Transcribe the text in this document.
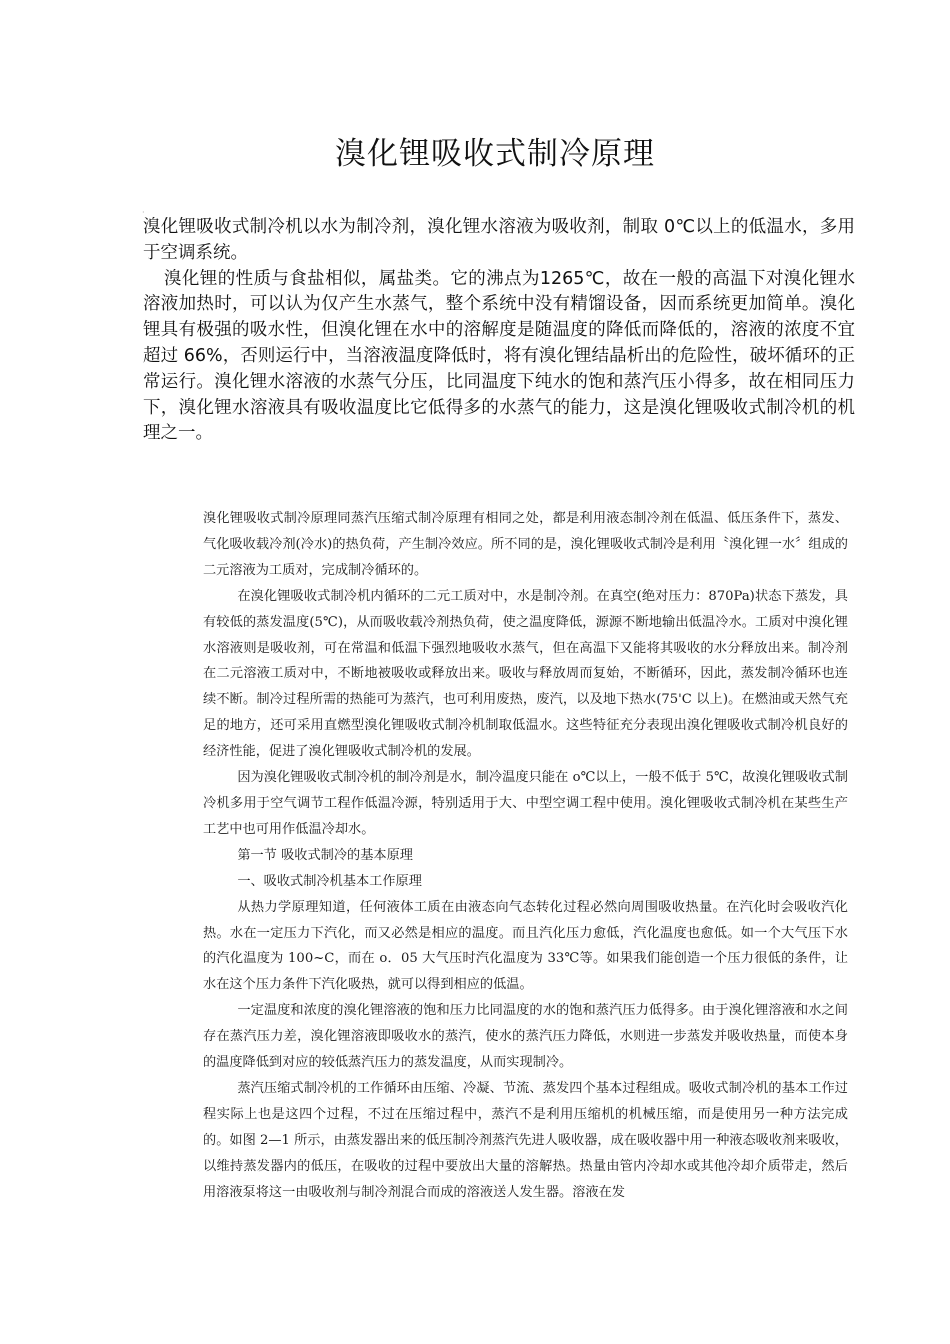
溴化锂吸收式制冷原理
·

溴化锂吸收式制冷机以水为制冷剂，溴化锂水溶液为吸收剂，制取 0℃以上的低温水，多用于空调系统。

溴化锂的性质与食盐相似，属盐类。它的沸点为1265℃，故在一般的高温下对溴化锂水溶液加热时，可以认为仅产生水蒸气，整个系统中没有精馏设备，因而系统更加简单。溴化锂具有极强的吸水性，但溴化锂在水中的溶解度是随温度的降低而降低的，溶液的浓度不宜超过 66%，否则运行中，当溶液温度降低时，将有溴化锂结晶析出的危险性，破坏循环的正常运行。溴化锂水溶液的水蒸气分压，比同温度下纯水的饱和蒸汽压小得多，故在相同压力下，溴化锂水溶液具有吸收温度比它低得多的水蒸气的能力，这是溴化锂吸收式制冷机的机理之一。

溴化锂吸收式制冷原理同蒸汽压缩式制冷原理有相同之处，都是利用液态制冷剂在低温、低压条件下，蒸发、气化吸收载冷剂(冷水)的热负荷，产生制冷效应。所不同的是，溴化锂吸收式制冷是利用〝溴化锂一水〞组成的二元溶液为工质对，完成制冷循环的。

在溴化锂吸收式制冷机内循环的二元工质对中，水是制冷剂。在真空(绝对压力：870Pa)状态下蒸发，具有较低的蒸发温度(5℃)，从而吸收载冷剂热负荷，使之温度降低，源源不断地输出低温冷水。工质对中溴化锂水溶液则是吸收剂，可在常温和低温下强烈地吸收水蒸气，但在高温下又能将其吸收的水分释放出来。制冷剂在二元溶液工质对中，不断地被吸收或释放出来。吸收与释放周而复始，不断循环，因此，蒸发制冷循环也连续不断。制冷过程所需的热能可为蒸汽，也可利用废热，废汽，以及地下热水(75'C 以上)。在燃油或天然气充足的地方，还可采用直燃型溴化锂吸收式制冷机制取低温水。这些特征充分表现出溴化锂吸收式制冷机良好的经济性能，促进了溴化锂吸收式制冷机的发展。

因为溴化锂吸收式制冷机的制冷剂是水，制冷温度只能在 o℃以上，一般不低于 5℃，故溴化锂吸收式制冷机多用于空气调节工程作低温冷源，特别适用于大、中型空调工程中使用。溴化锂吸收式制冷机在某些生产工艺中也可用作低温冷却水。

第一节 吸收式制冷的基本原理

一、吸收式制冷机基本工作原理

从热力学原理知道，任何液体工质在由液态向气态转化过程必然向周围吸收热量。在汽化时会吸收汽化热。水在一定压力下汽化，而又必然是相应的温度。而且汽化压力愈低，汽化温度也愈低。如一个大气压下水的汽化温度为 100~C，而在 o．05 大气压时汽化温度为 33℃等。如果我们能创造一个压力很低的条件，让水在这个压力条件下汽化吸热，就可以得到相应的低温。

一定温度和浓度的溴化锂溶液的饱和压力比同温度的水的饱和蒸汽压力低得多。由于溴化锂溶液和水之间存在蒸汽压力差，溴化锂溶液即吸收水的蒸汽，使水的蒸汽压力降低，水则进一步蒸发并吸收热量，而使本身的温度降低到对应的较低蒸汽压力的蒸发温度，从而实现制冷。

蒸汽压缩式制冷机的工作循环由压缩、冷凝、节流、蒸发四个基本过程组成。吸收式制冷机的基本工作过程实际上也是这四个过程，不过在压缩过程中，蒸汽不是利用压缩机的机械压缩，而是使用另一种方法完成的。如图 2—1 所示，由蒸发器出来的低压制冷剂蒸汽先进人吸收器，成在吸收器中用一种液态吸收剂来吸收，以维持蒸发器内的低压，在吸收的过程中要放出大量的溶解热。热量由管内冷却水或其他冷却介质带走，然后用溶液泵将这一由吸收剂与制冷剂混合而成的溶液送人发生器。溶液在发
